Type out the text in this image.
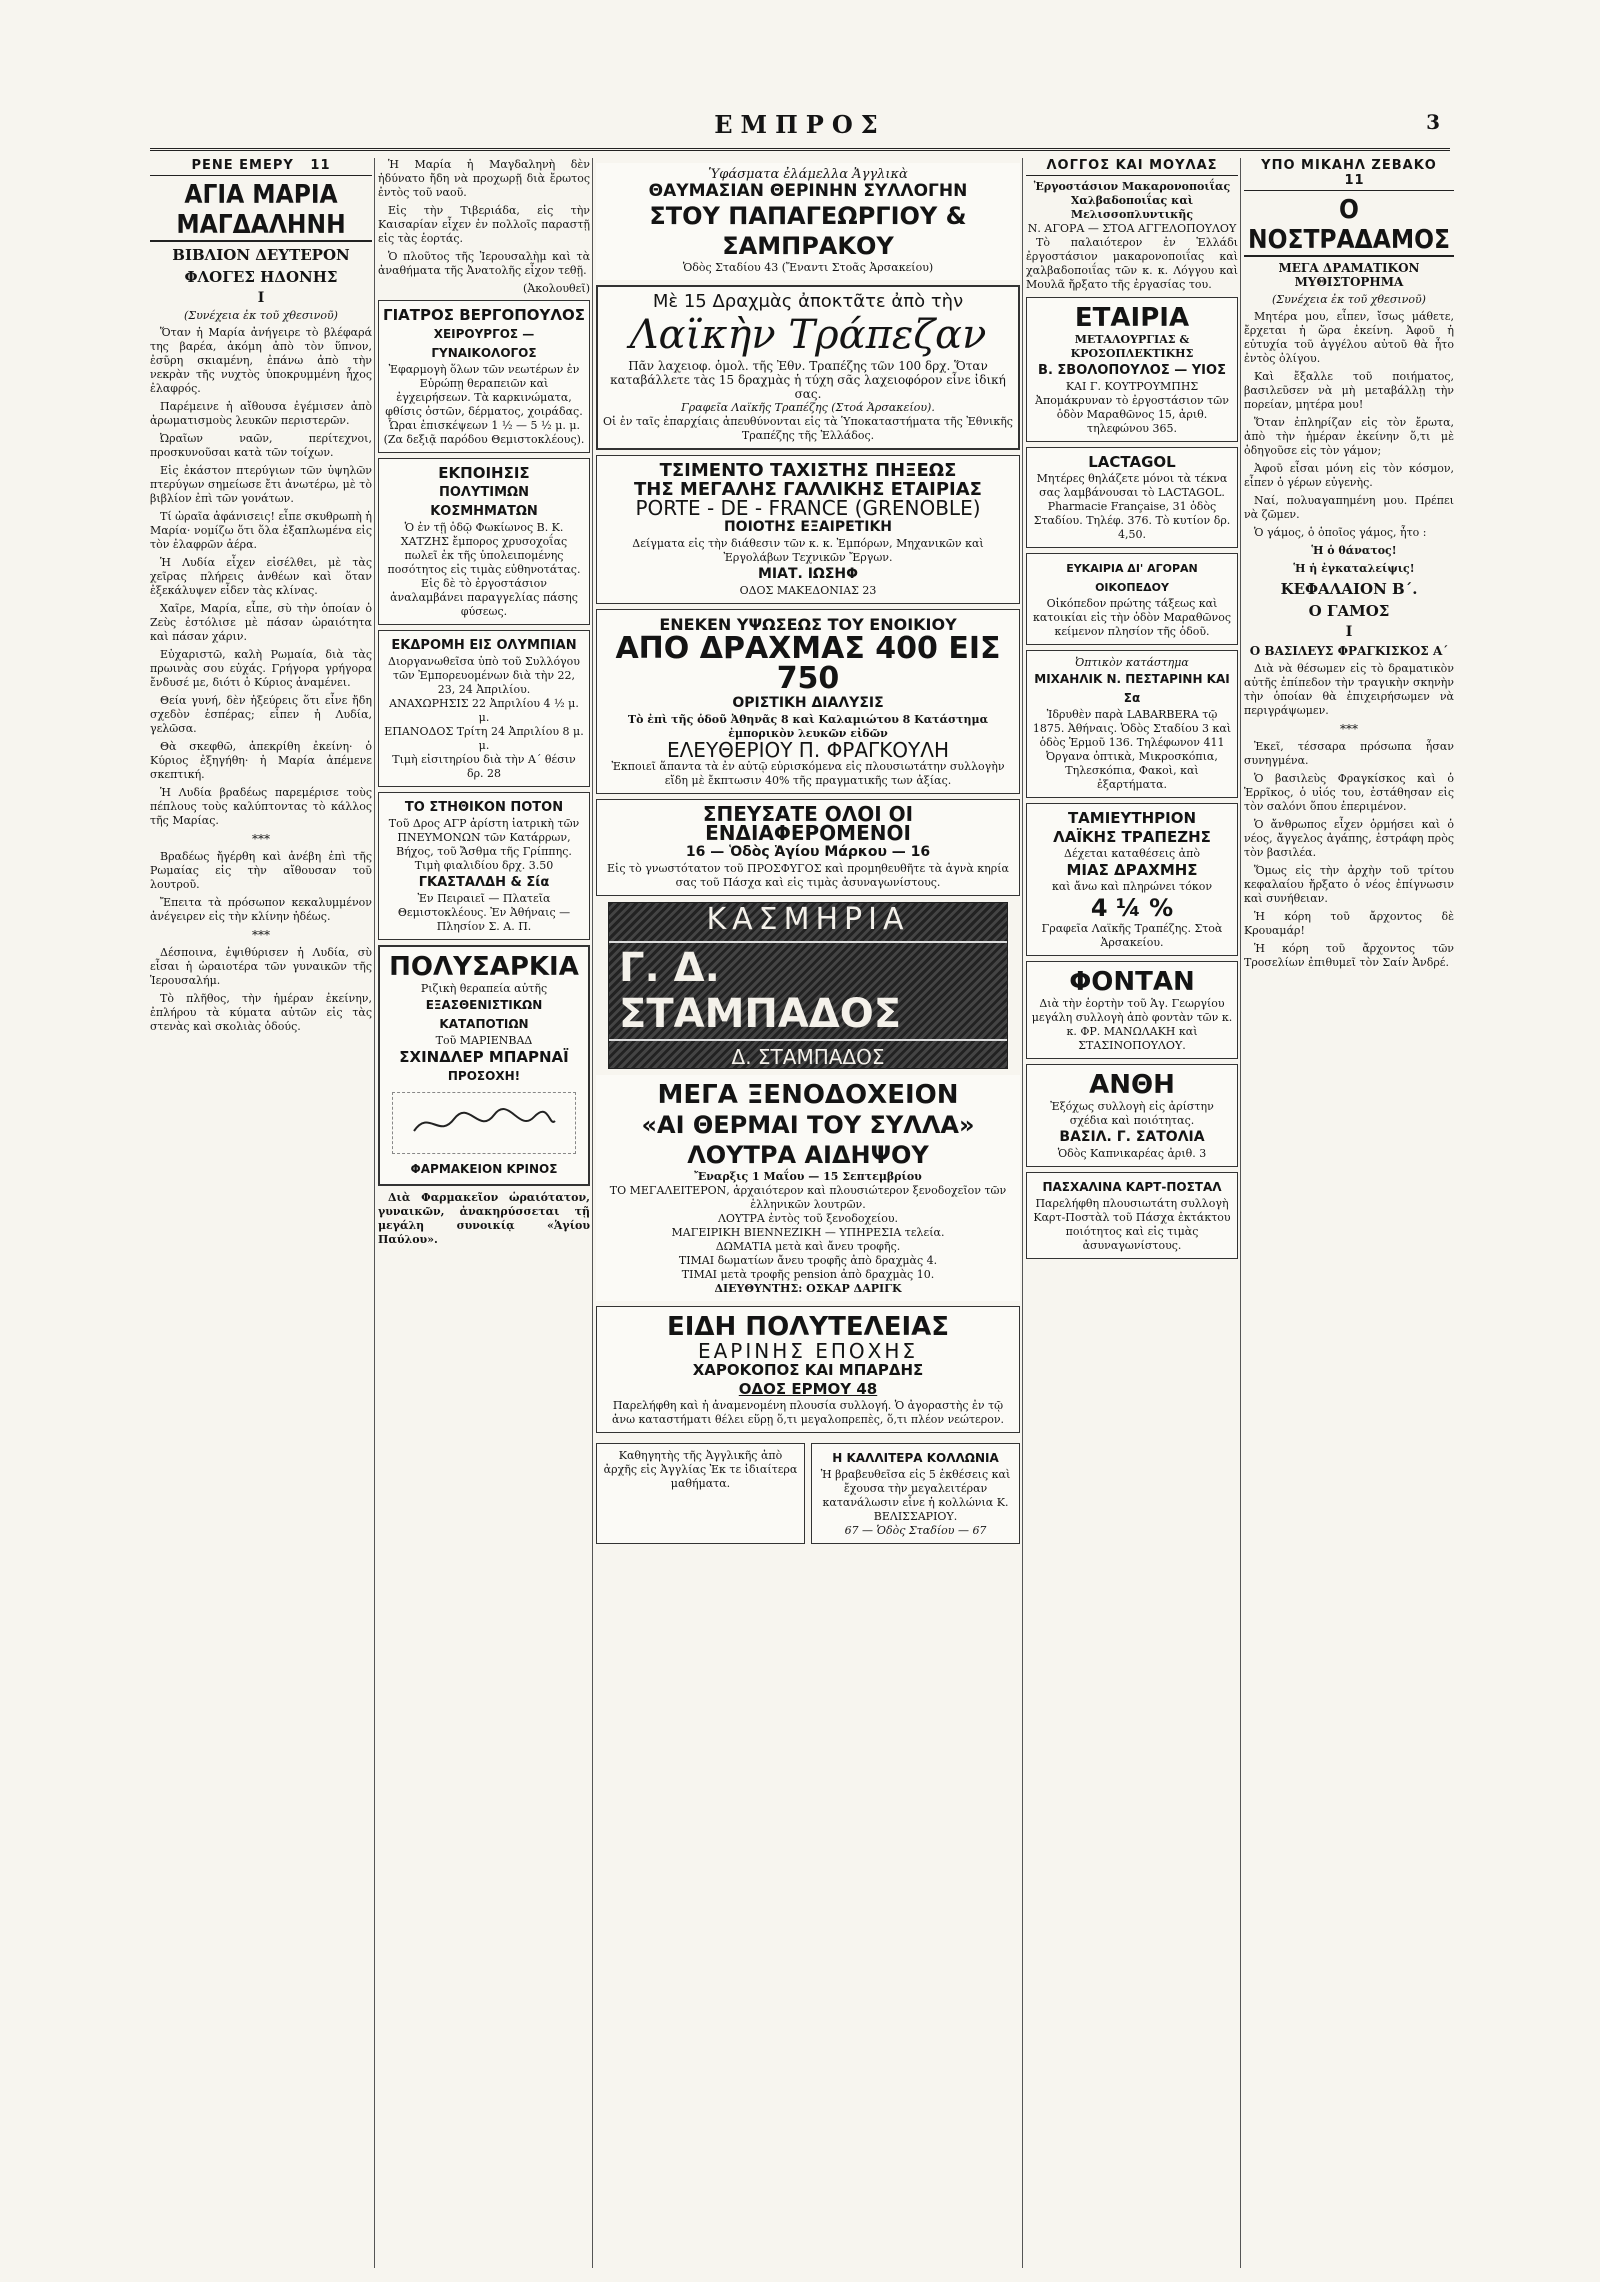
ΕΜΠΡΟΣ	3
ΡΕΝΕ ΕΜΕΡΥ 11
ΑΓΙΑ ΜΑΡΙΑ ΜΑΓΔΑΛΗΝΗ
ΒΙΒΛΙΟΝ ΔΕΥΤΕΡΟΝ
ΦΛΟΓΕΣ ΗΔΟΝΗΣ
Ι
(Συνέχεια ἐκ τοῦ χθεσινοῦ)

Ὅταν ἡ Μαρία ἀνήγειρε τὸ βλέφαρά της βαρέα, ἀκόμη ἀπὸ τὸν ὕπνον, ἐσῦρη σκιαμένη, ἐπάνω ἀπὸ τὴν νεκρὰν τῆς νυχτὸς ὑποκρυμμένη ἦχος ἐλαφρός.

Παρέμεινε ἡ αἴθουσα ἐγέμισεν ἀπὸ ἀρωματισμοὺς λευκῶν περιστερῶν.

Ὠραῖων ναῶν, περίτεχνοι, προσκυνοῦσαι κατὰ τῶν τοίχων.

Εἰς ἐκάστον πτερύγιων τῶν ὑψηλῶν πτερύγων σημείωσε ἔτι ἀνωτέρω, μὲ τὸ βιβλίον ἐπὶ τῶν γονάτων.

Τί ὡραῖα ἀφάνισεις! εἶπε σκυθρωπὴ ἡ Μαρία· νομίζω ὅτι ὅλα ἐξαπλωμένα εἰς τὸν ἐλαφρῶν ἀέρα.

Ἡ Λυδία εἶχεν εἰσέλθει, μὲ τὰς χεῖρας πλήρεις ἀνθέων καὶ ὅταν ἐξεκάλυψεν εἶδεν τὰς κλίνας.

Χαῖρε, Μαρία, εἶπε, σὺ τὴν ὁποίαν ὁ Ζεὺς ἐστόλισε μὲ πάσαν ὡραιότητα καὶ πάσαν χάριν.

Εὐχαριστῶ, καλὴ Ρωμαία, διὰ τὰς πρωινὰς σου εὐχάς. Γρήγορα γρήγορα ἔνδυσέ με, διότι ὁ Κύριος ἀναμένει.

Θεία γυνή, δὲν ἠξεύρεις ὅτι εἶνε ἤδη σχεδὸν ἑσπέρας; εἶπεν ἡ Λυδία, γελῶσα.

Θὰ σκεφθῶ, ἀπεκρίθη ἐκείνη· ὁ Κύριος ἐξηγήθη· ἡ Μαρία ἀπέμενε σκεπτική.

Ἡ Λυδία βραδέως παρεμέρισε τοὺς πέπλους τοὺς καλύπτοντας τὸ κάλλος τῆς Μαρίας.

***

Βραδέως ἤγέρθη καὶ ἀνέβη ἐπὶ τῆς Ρωμαίας εἰς τὴν αἴθουσαν τοῦ λουτροῦ.

Ἔπειτα τὰ πρόσωπον κεκαλυμμένον ἀνέγειρεν εἰς τὴν κλίνην ἠδέως.

***

Δέσποινα, ἐψιθύρισεν ἡ Λυδία, σὺ εἶσαι ἡ ὡραιοτέρα τῶν γυναικῶν τῆς Ἱερουσαλήμ.

Τὸ πλῆθος, τὴν ἡμέραν ἐκείνην, ἐπλήρου τὰ κύματα αὐτῶν εἰς τὰς στενὰς καὶ σκολιὰς ὁδούς.

Ἡ Μαρία ἡ Μαγδαληνὴ δὲν ἠδύνατο ἤδη νὰ προχωρῇ διὰ ἔρωτος ἐντὸς τοῦ ναοῦ.

Εἰς τὴν Τιβεριάδα, εἰς τὴν Καισαρίαν εἶχεν ἐν πολλοῖς παραστῇ εἰς τὰς ἑορτάς.

Ὁ πλοῦτος τῆς Ἱερουσαλὴμ καὶ τὰ ἀναθήματα τῆς Ἀνατολῆς εἶχον τεθῇ.

(Ἀκολουθεῖ)
ΓΙΑΤΡΟΣ ΒΕΡΓΟΠΟΥΛΟΣ
ΧΕΙΡΟΥΡΓΟΣ — ΓΥΝΑΙΚΟΛΟΓΟΣ
Ἐφαρμογὴ ὅλων τῶν νεωτέρων ἐν Εὐρώπῃ θεραπειῶν καὶ ἐγχειρήσεων. Τὰ καρκινώματα, φθίσις ὀστῶν, δέρματος, χοιράδας.
Ὧραι ἐπισκέψεων 1 ½ — 5 ½ μ. μ. (Ζα δεξιᾷ παρόδου Θεμιστοκλέους).
ΕΚΠΟΙΗΣΙΣ
ΠΟΛΥΤΙΜΩΝ ΚΟΣΜΗΜΑΤΩΝ
Ὁ ἐν τῇ ὁδῷ Φωκίωνος Β. Κ. ΧΑΤΖΗΣ ἔμπορος χρυσοχοΐας πωλεῖ ἐκ τῆς ὑπολειπομένης ποσότητος εἰς τιμὰς εὐθηνοτάτας.
Εἰς δὲ τὸ ἐργοστάσιον ἀναλαμβάνει παραγγελίας πάσης φύσεως.
ΕΚΔΡΟΜΗ ΕΙΣ ΟΛΥΜΠΙΑΝ
Διοργανωθεῖσα ὑπὸ τοῦ Συλλόγου τῶν Ἐμπορευομένων διὰ τὴν 22, 23, 24 Ἀπριλίου.
ΑΝΑΧΩΡΗΣΙΣ 22 Ἀπριλίου 4 ½ μ. μ.
ΕΠΑΝΟΔΟΣ Τρίτη 24 Ἀπριλίου 8 μ. μ.
Τιμὴ εἰσιτηρίου διὰ τὴν Α΄ θέσιν δρ. 28
ΤΟ ΣΤΗΘΙΚΟΝ ΠΟΤΟΝ
Τοῦ Δρος ΑΓΡ ἀρίστη ἰατρικὴ τῶν ΠΝΕΥΜΟΝΩΝ τῶν Κατάρρων, Βήχος, τοῦ Ἄσθμα τῆς Γρίππης.
Τιμὴ φιαλιδίου δρχ. 3.50
ΓΚΑΣΤΑΛΔΗ & Σία
Ἐν Πειραιεῖ — Πλατεῖα Θεμιστοκλέους. Ἐν Ἀθήναις — Πλησίον Σ. Α. Π.
ΠΟΛΥΣΑΡΚΙΑ
Ριζικὴ θεραπεία αὐτῆς
ΕΞΑΣΘΕΝΙΣΤΙΚΩΝ ΚΑΤΑΠΟΤΙΩΝ
Τοῦ ΜΑΡΙΕΝΒΑΔ
ΣΧΙΝΔΛΕΡ ΜΠΑΡΝΑΪ
ΠΡΟΣΟΧΗ!
ΦΑΡΜΑΚΕΙΟΝ ΚΡΙΝΟΣ

Διὰ Φαρμακεῖον ὡραιότατον, γυναικῶν, ἀνακηρύσσεται τῇ μεγάλη συνοικίᾳ «Ἁγίου Παύλου».

Ὑφάσματα ἐλάμελλα Ἀγγλικὰ
ΘΑΥΜΑΣΙΑΝ ΘΕΡΙΝΗΝ ΣΥΛΛΟΓΗΝ
ΣΤΟΥ ΠΑΠΑΓΕΩΡΓΙΟΥ & ΣΑΜΠΡΑΚΟΥ
Ὁδὸς Σταδίου 43 (Ἔναντι Στοᾶς Ἀρσακείου)
Μὲ 15 Δραχμὰς ἀποκτᾶτε ἀπὸ τὴν
Λαϊκὴν Τράπεζαν
Πᾶν λαχειοφ. ὁμολ. τῆς Ἐθν. Τραπέζης τῶν 100 δρχ. Ὅταν καταβάλλετε τὰς 15 δραχμὰς ἡ τύχη σᾶς λαχειοφόρον εἶνε ἰδική σας.
Γραφεῖα Λαϊκῆς Τραπέζης (Στοά Ἀρσακείου).
Οἱ ἐν ταῖς ἐπαρχίαις ἀπευθύνονται εἰς τὰ Ὑποκαταστήματα τῆς Ἐθνικῆς Τραπέζης τῆς Ἑλλάδος.
ΤΣΙΜΕΝΤΟ ΤΑΧΙΣΤΗΣ ΠΗΞΕΩΣ
ΤΗΣ ΜΕΓΑΛΗΣ ΓΑΛΛΙΚΗΣ ΕΤΑΙΡΙΑΣ
PORTE - DE - FRANCE (GRENOBLE)
ΠΟΙΟΤΗΣ ΕΞΑΙΡΕΤΙΚΗ
Δείγματα εἰς τὴν διάθεσιν τῶν κ. κ. Ἐμπόρων, Μηχανικῶν καὶ Ἐργολάβων Τεχνικῶν Ἔργων.
ΜΙΑΤ. ΙΩΣΗΦ
ΟΔΟΣ ΜΑΚΕΔΟΝΙΑΣ 23
ΕΝΕΚΕΝ ΥΨΩΣΕΩΣ ΤΟΥ ΕΝΟΙΚΙΟΥ
ΑΠΟ ΔΡΑΧΜΑΣ 400 ΕΙΣ 750
ΟΡΙΣΤΙΚΗ ΔΙΑΛΥΣΙΣ
Τὸ ἐπὶ τῆς ὁδοῦ Ἀθηνᾶς 8 καὶ Καλαμιώτου 8 Κατάστημα ἐμπορικὸν λευκῶν εἰδῶν
ΕΛΕΥΘΕΡΙΟΥ Π. ΦΡΑΓΚΟΥΛΗ
Ἐκποιεῖ ἅπαντα τὰ ἐν αὐτῷ εὑρισκόμενα εἰς πλουσιωτάτην συλλογὴν εἴδη μὲ ἔκπτωσιν 40% τῆς πραγματικῆς των ἀξίας.
ΣΠΕΥΣΑΤΕ ΟΛΟΙ ΟΙ ΕΝΔΙΑΦΕΡΟΜΕΝΟΙ
16 — Ὁδὸς Ἁγίου Μάρκου — 16
Εἰς τὸ γνωστότατον τοῦ ΠΡΟΣΦΥΓΟΣ καὶ προμηθευθῆτε τὰ ἁγνὰ κηρία σας τοῦ Πάσχα καὶ εἰς τιμὰς ἀσυναγωνίστους.
ΚΑΣΜΗΡΙΑ
Γ. Δ. ΣΤΑΜΠΑΔΟΣ
Δ. ΣΤΑΜΠΑΔΟΣ
ΜΕΓΑ ΞΕΝΟΔΟΧΕΙΟΝ
«ΑΙ ΘΕΡΜΑΙ ΤΟΥ ΣΥΛΛΑ»
ΛΟΥΤΡΑ ΑΙΔΗΨΟΥ
Ἔναρξις 1 Μαΐου — 15 Σεπτεμβρίου
ΤΟ ΜΕΓΑΛΕΙΤΕΡΟΝ, ἀρχαιότερον καὶ πλουσιώτερον ξενοδοχεῖον τῶν ἑλληνικῶν λουτρῶν.
ΛΟΥΤΡΑ ἐντὸς τοῦ ξενοδοχείου.
ΜΑΓΕΙΡΙΚΗ ΒΙΕΝΝΕΖΙΚΗ — ΥΠΗΡΕΣΙΑ τελεία.
ΔΩΜΑΤΙΑ μετὰ καὶ ἄνευ τροφῆς.
ΤΙΜΑΙ δωματίων ἄνευ τροφῆς ἀπὸ δραχμὰς 4.
ΤΙΜΑΙ μετὰ τροφῆς pension ἀπὸ δραχμὰς 10.
ΔΙΕΥΘΥΝΤΗΣ: ΟΣΚΑΡ ΔΑΡΙΓΚ
ΕΙΔΗ ΠΟΛΥΤΕΛΕΙΑΣ
ΕΑΡΙΝΗΣ ΕΠΟΧΗΣ
ΧΑΡΟΚΟΠΟΣ ΚΑΙ ΜΠΑΡΔΗΣ
ΟΔΟΣ ΕΡΜΟΥ 48
Παρελήφθη καὶ ἡ ἀναμενομένη πλουσία συλλογή. Ὁ ἀγοραστὴς ἐν τῷ ἀνω καταστήματι θέλει εὕρῃ ὅ,τι μεγαλοπρεπὲς, ὅ,τι πλέον νεώτερον.
Καθηγητὴς τῆς Ἀγγλικῆς ἀπὸ ἀρχῆς εἰς Ἀγγλίας Ἐκ τε ἰδιαίτερα μαθήματα.
Η ΚΑΛΛΙΤΕΡΑ ΚΟΛΛΩΝΙΑ
Ἡ βραβευθεῖσα εἰς 5 ἐκθέσεις καὶ ἔχουσα τὴν μεγαλειτέραν κατανάλωσιν εἶνε ἡ κολλώνια Κ. ΒΕΛΙΣΣΑΡΙΟΥ.
67 — Ὁδὸς Σταδίου — 67
ΛΟΓΓΟΣ ΚΑΙ ΜΟΥΛΑΣ
Ἐργοστάσιον Μακαρονοποιΐας Χαλβαδοποιΐας καὶ Μελισσοπλυντικῆς
Ν. ΑΓΟΡΑ — ΣΤΟΑ ΑΓΓΕΛΟΠΟΥΛΟΥ

Τὸ παλαιότερον ἐν Ἑλλάδι ἐργοστάσιον μακαρονοποιΐας καὶ χαλβαδοποιΐας τῶν κ. κ. Λόγγου καὶ Μουλᾶ ἤρξατο τῆς ἐργασίας του.

ΕΤΑΙΡΙΑ
ΜΕΤΑΛΟΥΡΓΙΑΣ & ΚΡΟΣΟΠΛΕΚΤΙΚΗΣ
Β. ΣΒΟΛΟΠΟΥΛΟΣ — ΥΙΟΣ
ΚΑΙ Γ. ΚΟΥΤΡΟΥΜΠΗΣ
Ἀπομάκρυναν τὸ ἐργοστάσιον τῶν ὁδὸν Μαραθῶνος 15, ἀριθ. τηλεφώνου 365.
LACTAGOL
Μητέρες θηλάζετε μόνοι τὰ τέκνα σας λαμβάνουσαι τὸ LACTAGOL.
Pharmacie Française, 31 ὁδὸς Σταδίου. Τηλέφ. 376. Τὸ κυτίον δρ. 4,50.
ΕΥΚΑΙΡΙΑ ΔΙ' ΑΓΟΡΑΝ ΟΙΚΟΠΕΔΟΥ
Οἰκόπεδον πρώτης τάξεως καὶ κατοικίαι εἰς τὴν ὁδὸν Μαραθῶνος κείμενον πλησίον τῆς ὁδοῦ.
Ὀπτικὸν κατάστημα
ΜΙΧΑΗΛΙΚ Ν. ΠΕΣΤΑΡΙΝΗ ΚΑΙ Σα
Ἱδρυθὲν παρὰ LABARBERA τῷ 1875. Ἀθήναις. Ὁδὸς Σταδίου 3 καὶ ὁδὸς Ἑρμοῦ 136. Τηλέφωνον 411
Ὀργανα ὀπτικὰ, Μικροσκόπια, Τηλεσκόπια, Φακοὶ, καὶ ἐξαρτήματα.
ΤΑΜΙΕΥΤΗΡΙΟΝ
ΛΑΪΚΗΣ ΤΡΑΠΕΖΗΣ
Δέχεται καταθέσεις ἀπὸ
ΜΙΑΣ ΔΡΑΧΜΗΣ
καὶ ἄνω καὶ πληρώνει τόκον
4 ¼ %
Γραφεῖα Λαϊκῆς Τραπέζης. Στοὰ Ἀρσακείου.
ΦΟΝΤΑΝ
Διὰ τὴν ἑορτὴν τοῦ Ἁγ. Γεωργίου μεγάλη συλλογὴ ἀπὸ φοντὰν τῶν κ. κ. ΦΡ. ΜΑΝΩΛΑΚΗ καὶ ΣΤΑΣΙΝΟΠΟΥΛΟΥ.
ΑΝΘΗ
Ἐξόχως συλλογὴ εἰς ἀρίστην σχέδια καὶ ποιότητας.
ΒΑΣΙΛ. Γ. ΣΑΤΟΛΙΑ
Ὁδὸς Καπνικαρέας ἀριθ. 3
ΠΑΣΧΑΛΙΝΑ ΚΑΡΤ-ΠΟΣΤΑΛ
Παρελήφθη πλουσιωτάτη συλλογὴ Καρτ-Ποστὰλ τοῦ Πάσχα ἐκτάκτου ποιότητος καὶ εἰς τιμὰς ἀσυναγωνίστους.
ΥΠΟ ΜΙΚΑΗΛ ΖΕΒΑΚΟ   11
Ο ΝΟΣΤΡΑΔΑΜΟΣ
ΜΕΓΑ ΔΡΑΜΑΤΙΚΟΝ ΜΥΘΙΣΤΟΡΗΜΑ
(Συνέχεια ἐκ τοῦ χθεσινοῦ)

Μητέρα μου, εἶπεν, ἴσως μάθετε, ἔρχεται ἡ ὥρα ἐκείνη. Ἀφοῦ ἡ εὐτυχία τοῦ ἀγγέλου αὐτοῦ θὰ ἦτο ἐντὸς ὀλίγου.

Καὶ ἔξαλλε τοῦ ποιήματος, βασιλεῦσεν νὰ μὴ μεταβάλλῃ τὴν πορείαν, μητέρα μου!

Ὅταν ἐπληρίζαν εἰς τὸν ἔρωτα, ἀπὸ τὴν ἡμέραν ἐκείνην ὅ,τι μὲ ὁδηγοῦσε εἰς τὸν γάμον;

Ἀφοῦ εἶσαι μόνη εἰς τὸν κόσμον, εἶπεν ὁ γέρων εὐγενὴς.

Ναί, πολυαγαπημένη μου. Πρέπει νὰ ζῶμεν.

Ὁ γάμος, ὁ ὁποῖος γάμος, ἦτο :

Ἡ ὁ θάνατος!

Ἡ ἡ ἐγκαταλείψις!

ΚΕΦΑΛΑΙΟΝ Β΄.
Ο ΓΑΜΟΣ
Ι
Ο ΒΑΣΙΛΕΥΣ ΦΡΑΓΚΙΣΚΟΣ Α΄

Διὰ νὰ θέσωμεν εἰς τὸ δραματικὸν αὐτῆς ἐπίπεδον τὴν τραγικὴν σκηνὴν τὴν ὁποίαν θὰ ἐπιχειρήσωμεν νὰ περιγράψωμεν.

***

Ἐκεῖ, τέσσαρα πρόσωπα ἦσαν συνηγμένα.

Ὁ βασιλεὺς Φραγκίσκος καὶ ὁ Ἑρρῖκος, ὁ υἱός του, ἐστάθησαν εἰς τὸν σαλόνι ὅπου ἐπεριμένον.

Ὁ ἄνθρωπος εἶχεν ὁρμήσει καὶ ὁ νέος, ἄγγελος ἀγάπης, ἐστράφη πρὸς τὸν βασιλέα.

Ὅμως εἰς τὴν ἀρχὴν τοῦ τρίτου κεφαλαίου ἤρξατο ὁ νέος ἐπίγνωσιν καὶ συνήθειαν.

Ἡ κόρη τοῦ ἄρχοντος δὲ Κρουαμάρ!

Ἡ κόρη τοῦ ἄρχοντος τῶν Τροσελίων ἐπιθυμεῖ τὸν Σαίν Ἀνδρέ.
